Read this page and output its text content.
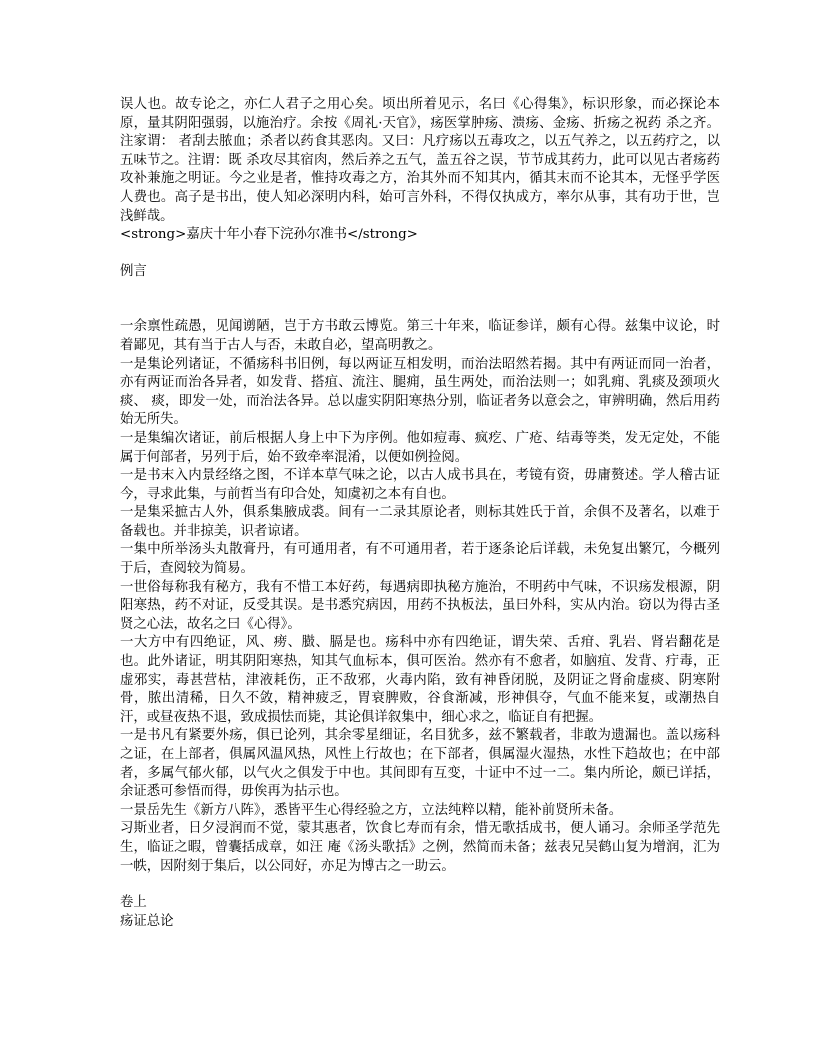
误人也。故专论之，亦仁人君子之用心矣。顷出所着见示，名曰《心得集》，标识形象，而必探论本原，量其阴阳强弱，以施治疗。余按《周礼·天官》，疡医掌肿疡、溃疡、金疡、折疡之祝药 杀之齐。注家谓： 者刮去脓血；杀者以药食其恶肉。又曰：凡疗疡以五毒攻之，以五气养之，以五药疗之，以五味节之。注谓：既 杀攻尽其宿肉，然后养之五气，盖五谷之误，节节成其药力，此可以见古者疡药攻补兼施之明证。今之业是者，惟持攻毒之方，治其外而不知其内，循其末而不论其本，无怪乎学医人费也。高子是书出，使人知必深明内科，始可言外科，不得仅执成方，率尔从事，其有功于世，岂浅鲜哉。

<strong>嘉庆十年小春下浣孙尔准书</strong>

例言

一余禀性疏愚，见闻谫陋，岂于方书敢云博览。第三十年来，临证参详，颇有心得。兹集中议论，时着鄙见，其有当于古人与否，未敢自必，望高明教之。

一是集论列诸证，不循疡科书旧例，每以两证互相发明，而治法昭然若揭。其中有两证而同一治者，亦有两证而治各异者，如发背、搭疽、流注、腿痈，虽生两处，而治法则一；如乳痈、乳痰及颈项火痰、 痰，即发一处，而治法各异。总以虚实阴阳寒热分别，临证者务以意会之，审辨明确，然后用药始无所失。

一是集编次诸证，前后根据人身上中下为序例。他如痘毒、疯疙、广疮、结毒等类，发无定处，不能属于何部者，另列于后，始不致牵率混淆，以便如例捡阅。

一是书末入内景经络之图，不详本草气味之论，以古人成书具在，考镜有资，毋庸赘述。学人稽古证今，寻求此集，与前哲当有印合处，知虞初之本有自也。

一是集采摭古人外，俱系集腋成裘。间有一二录其原论者，则标其姓氏于首，余俱不及著名，以难于备载也。并非掠美，识者谅诸。

一集中所举汤头丸散膏丹，有可通用者，有不可通用者，若于逐条论后详载，未免复出繁冗，今概列于后，查阅较为简易。

一世俗每称我有秘方，我有不惜工本好药，每遇病即执秘方施治，不明药中气味，不识疡发根源，阴阳寒热，药不对证，反受其误。是书悉究病因，用药不执板法，虽曰外科，实从内治。窃以为得古圣贤之心法，故名之曰《心得》。

一大方中有四绝证，风、痨、臌、膈是也。疡科中亦有四绝证，谓失荣、舌疳、乳岩、肾岩翻花是也。此外诸证，明其阴阳寒热，知其气血标本，俱可医治。然亦有不愈者，如脑疽、发背、疔毒，正虚邪实，毒甚营枯，津液耗伤，正不敌邪，火毒内陷，致有神昏闭脱，及阴证之肾俞虚痰、阴寒附骨，脓出清稀，日久不敛，精神疲乏，胃衰脾败，谷食渐减，形神俱夺，气血不能来复，或潮热自汗，或昼夜热不退，致成损怯而毙，其论俱详叙集中，细心求之，临证自有把握。

一是书凡有紧要外疡，俱已论列，其余零星细证，名目犹多，兹不繁载者，非敢为遗漏也。盖以疡科之证，在上部者，俱属风温风热，风性上行故也；在下部者，俱属湿火湿热，水性下趋故也；在中部者，多属气郁火郁，以气火之俱发于中也。其间即有互变，十证中不过一二。集内所论，颇已详括，余证悉可参悟而得，毋俟再为拈示也。

一景岳先生《新方八阵》，悉皆平生心得经验之方，立法纯粹以精，能补前贤所未备。

习斯业者，日夕浸润而不觉，蒙其惠者，饮食匕寿而有余，惜无歌括成书，便人诵习。余师圣学范先生，临证之暇，曾囊括成章，如汪 庵《汤头歌括》之例，然简而未备；兹表兄吴鹤山复为增润，汇为一帙，因附刻于集后，以公同好，亦足为博古之一助云。

卷上

疡证总论
